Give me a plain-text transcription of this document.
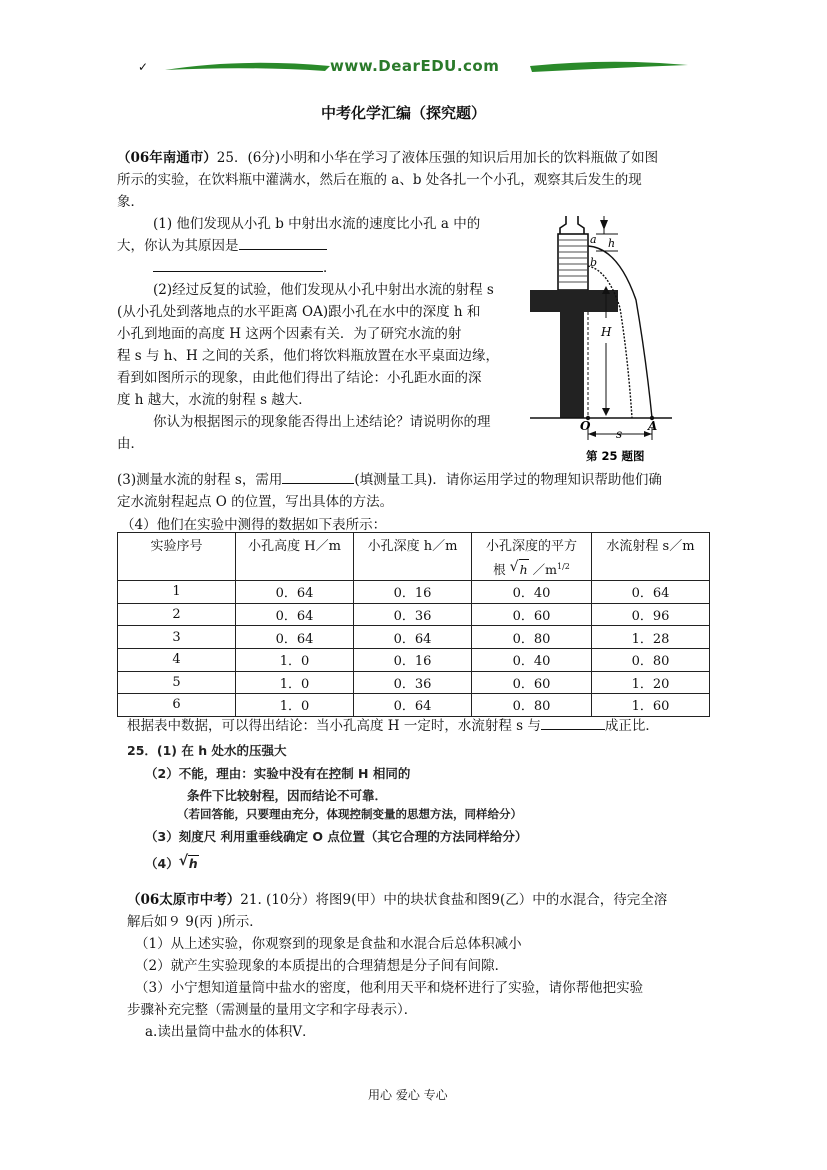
✓	www.DearEDU.com
中考化学汇编（探究题）
（06年南通市）25．(6分)小明和小华在学习了液体压强的知识后用加长的饮料瓶做了如图
所示的实验，在饮料瓶中灌满水，然后在瓶的 a、b 处各扎一个小孔，观察其后发生的现
象．
(1) 他们发现从小孔 b 中射出水流的速度比小孔 a 中的
大，你认为其原因是
．
(2)经过反复的试验，他们发现从小孔中射出水流的射程 s
(从小孔处到落地点的水平距离 OA)跟小孔在水中的深度 h 和
小孔到地面的高度 H 这两个因素有关．为了研究水流的射
程 s 与 h、H 之间的关系，他们将饮料瓶放置在水平桌面边缘，
看到如图所示的现象，由此他们得出了结论：小孔距水面的深
度 h 越大，水流的射程 s 越大．
你认为根据图示的现象能否得出上述结论？请说明你的理
由．
(3)测量水流的射程 s，需用	(填测量工具)．请你运用学过的物理知识帮助他们确
定水流射程起点 O 的位置，写出具体的方法。
（4）他们在实验中测得的数据如下表所示：
a
b
h
H
O	A
s
第 25 题图
实验序号	小孔高度 H／m	小孔深度 h／m	小孔深度的平方
根 √ h $/m^{1/2}$	水流射程 s／m
1	0．64	0．16	0．40	0．64
2	0．64	0．36	0．60	0．96
3	0．64	0．64	0．80	1．28
4	1．0	0．16	0．40	0．80
5	1．0	0．36	0．60	1．20
6	1．0	0．64	0．80	1．60
根据表中数据，可以得出结论：当小孔高度 H 一定时，水流射程 s 与	成正比．
25．(1) 在 h 处水的压强大
（2）不能，理由：实验中没有在控制 H 相同的
条件下比较射程，因而结论不可靠．
（若回答能，只要理由充分，体现控制变量的思想方法，同样给分）
（3）刻度尺 利用重垂线确定 O 点位置（其它合理的方法同样给分）
（4） √ h
（06太原市中考）21. (10分）将图9(甲）中的块状食盐和图9(乙）中的水混合，待完全溶
解后如９ 9(丙 )所示．
（1）从上述实验，你观察到的现象是食盐和水混合后总体积减小
（2）就产生实验现象的本质提出的合理猜想是分子间有间隙．
（3）小宁想知道量筒中盐水的密度，他利用天平和烧杯进行了实验，请你帮他把实验
步骤补充完整（需测量的量用文字和字母表示）．
a.读出量筒中盐水的体积V．
用心 爱心 专心
